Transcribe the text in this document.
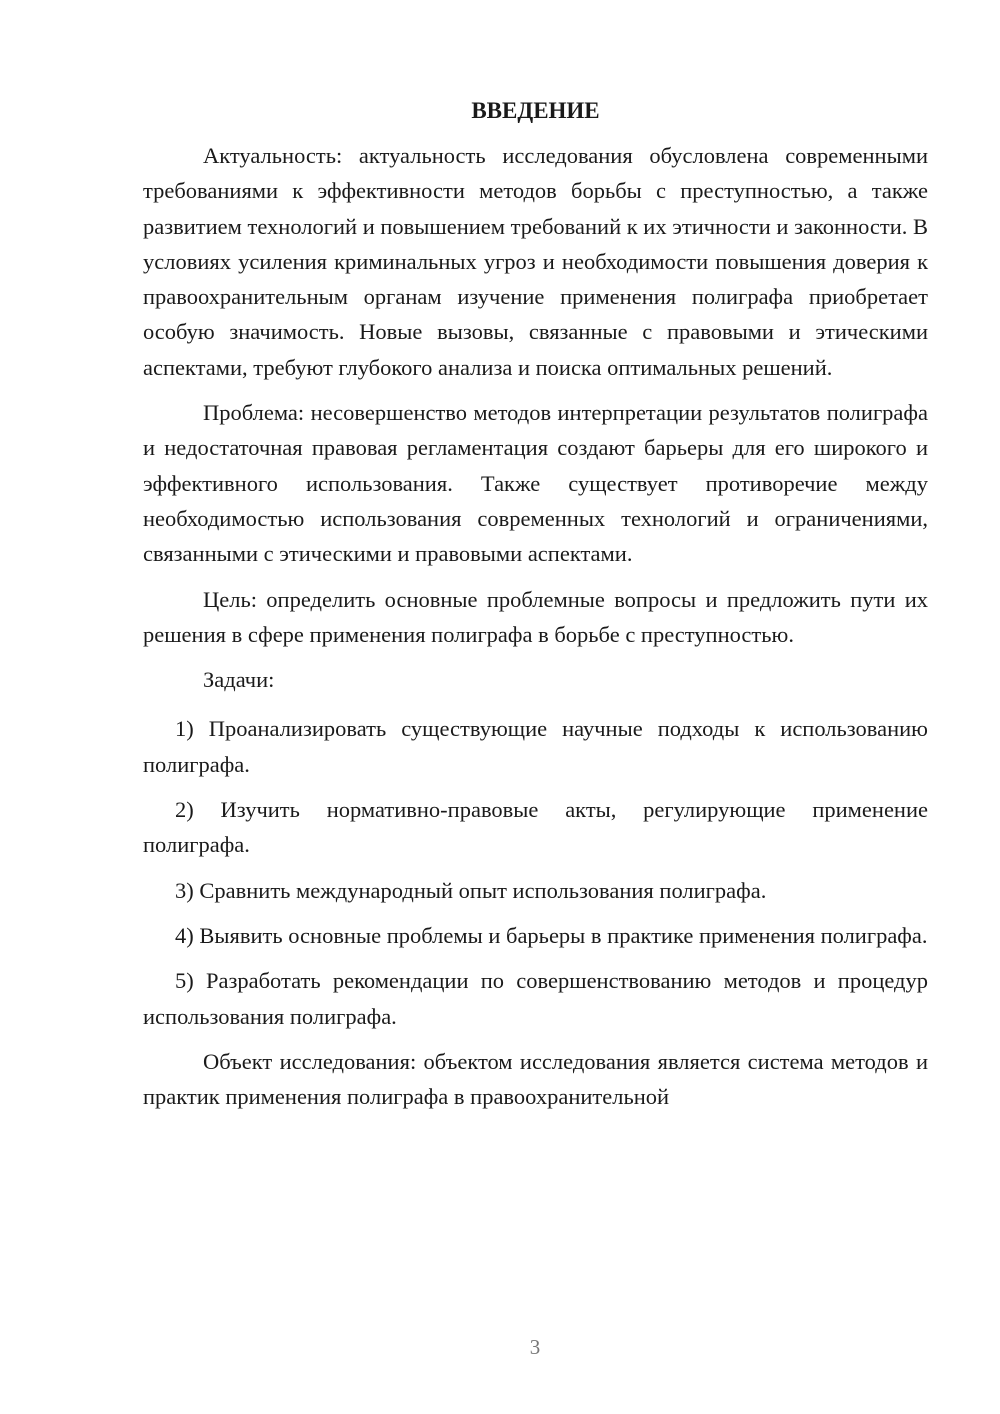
ВВЕДЕНИЕ

Актуальность: актуальность исследования обусловлена современными требованиями к эффективности методов борьбы с преступностью, а также развитием технологий и повышением требований к их этичности и законности. В условиях усиления криминальных угроз и необходимости повышения доверия к правоохранительным органам изучение применения полиграфа приобретает особую значимость. Новые вызовы, связанные с правовыми и этическими аспектами, требуют глубокого анализа и поиска оптимальных решений.

Проблема: несовершенство методов интерпретации результатов полиграфа и недостаточная правовая регламентация создают барьеры для его широкого и эффективного использования. Также существует противоречие между необходимостью использования современных технологий и ограничениями, связанными с этическими и правовыми аспектами.

Цель: определить основные проблемные вопросы и предложить пути их решения в сфере применения полиграфа в борьбе с преступностью.

Задачи:

1) Проанализировать существующие научные подходы к использованию полиграфа.

2) Изучить нормативно-правовые акты, регулирующие применение полиграфа.

3) Сравнить международный опыт использования полиграфа.

4) Выявить основные проблемы и барьеры в практике применения полиграфа.

5) Разработать рекомендации по совершенствованию методов и процедур использования полиграфа.

Объект исследования: объектом исследования является система методов и практик применения полиграфа в правоохранительной

3
